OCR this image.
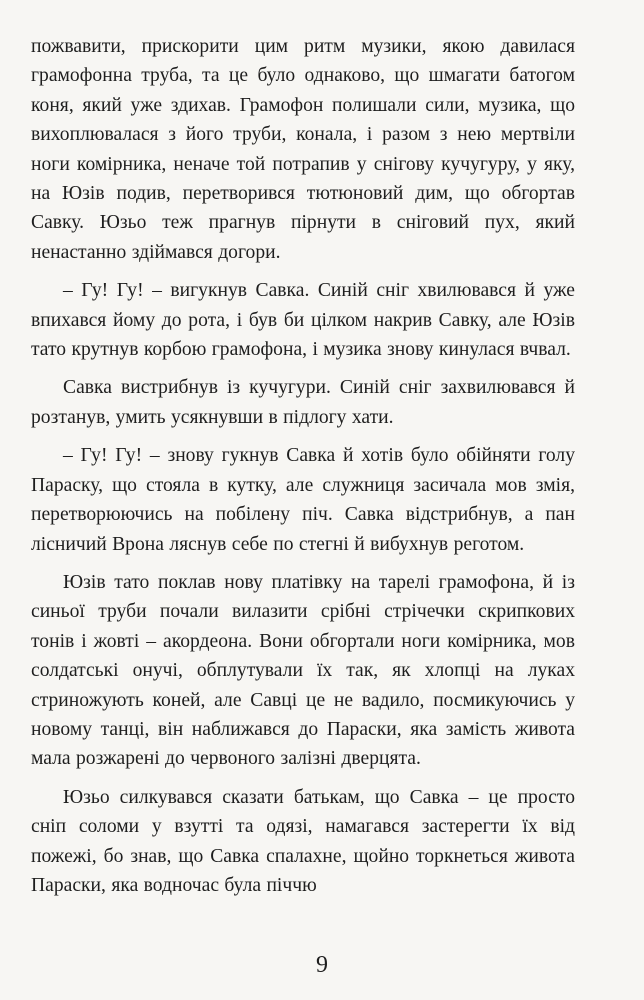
пожвавити, прискорити цим ритм музики, якою давилася грамофонна труба, та це було однаково, що шмагати батогом коня, який уже здихав. Грамофон полишали сили, музика, що вихоплювалася з його труби, конала, і разом з нею мертвіли ноги комірника, неначе той потрапив у снігову кучугуру, у яку, на Юзів подив, перетворився тютюновий дим, що обгортав Савку. Юзьо теж прагнув пірнути в сніговий пух, який ненастанно здіймався догори.

– Гу! Гу! – вигукнув Савка. Синій сніг хвилювався й уже впихався йому до рота, і був би цілком накрив Савку, але Юзів тато крутнув корбою грамофона, і музика знову кинулася вчвал.

Савка вистрибнув із кучугури. Синій сніг захвилювався й розтанув, умить усякнувши в підлогу хати.

– Гу! Гу! – знову гукнув Савка й хотів було обійняти голу Параску, що стояла в кутку, але служниця засичала мов змія, перетворюючись на побілену піч. Савка відстрибнув, а пан лісничий Врона ляснув себе по стегні й вибухнув реготом.

Юзів тато поклав нову платівку на тарелі грамофона, й із синьої труби почали вилазити срібні стрічечки скрипкових тонів і жовті – акордеона. Вони обгортали ноги комірника, мов солдатські онучі, обплутували їх так, як хлопці на луках стриножують коней, але Савці це не вадило, посмикуючись у новому танці, він наближався до Параски, яка замість живота мала розжарені до червоного залізні дверцята.

Юзьо силкувався сказати батькам, що Савка – це просто сніп соломи у взутті та одязі, намагався застерегти їх від пожежі, бо знав, що Савка спалахне, щойно торкнеться живота Параски, яка водночас була піччю

9
